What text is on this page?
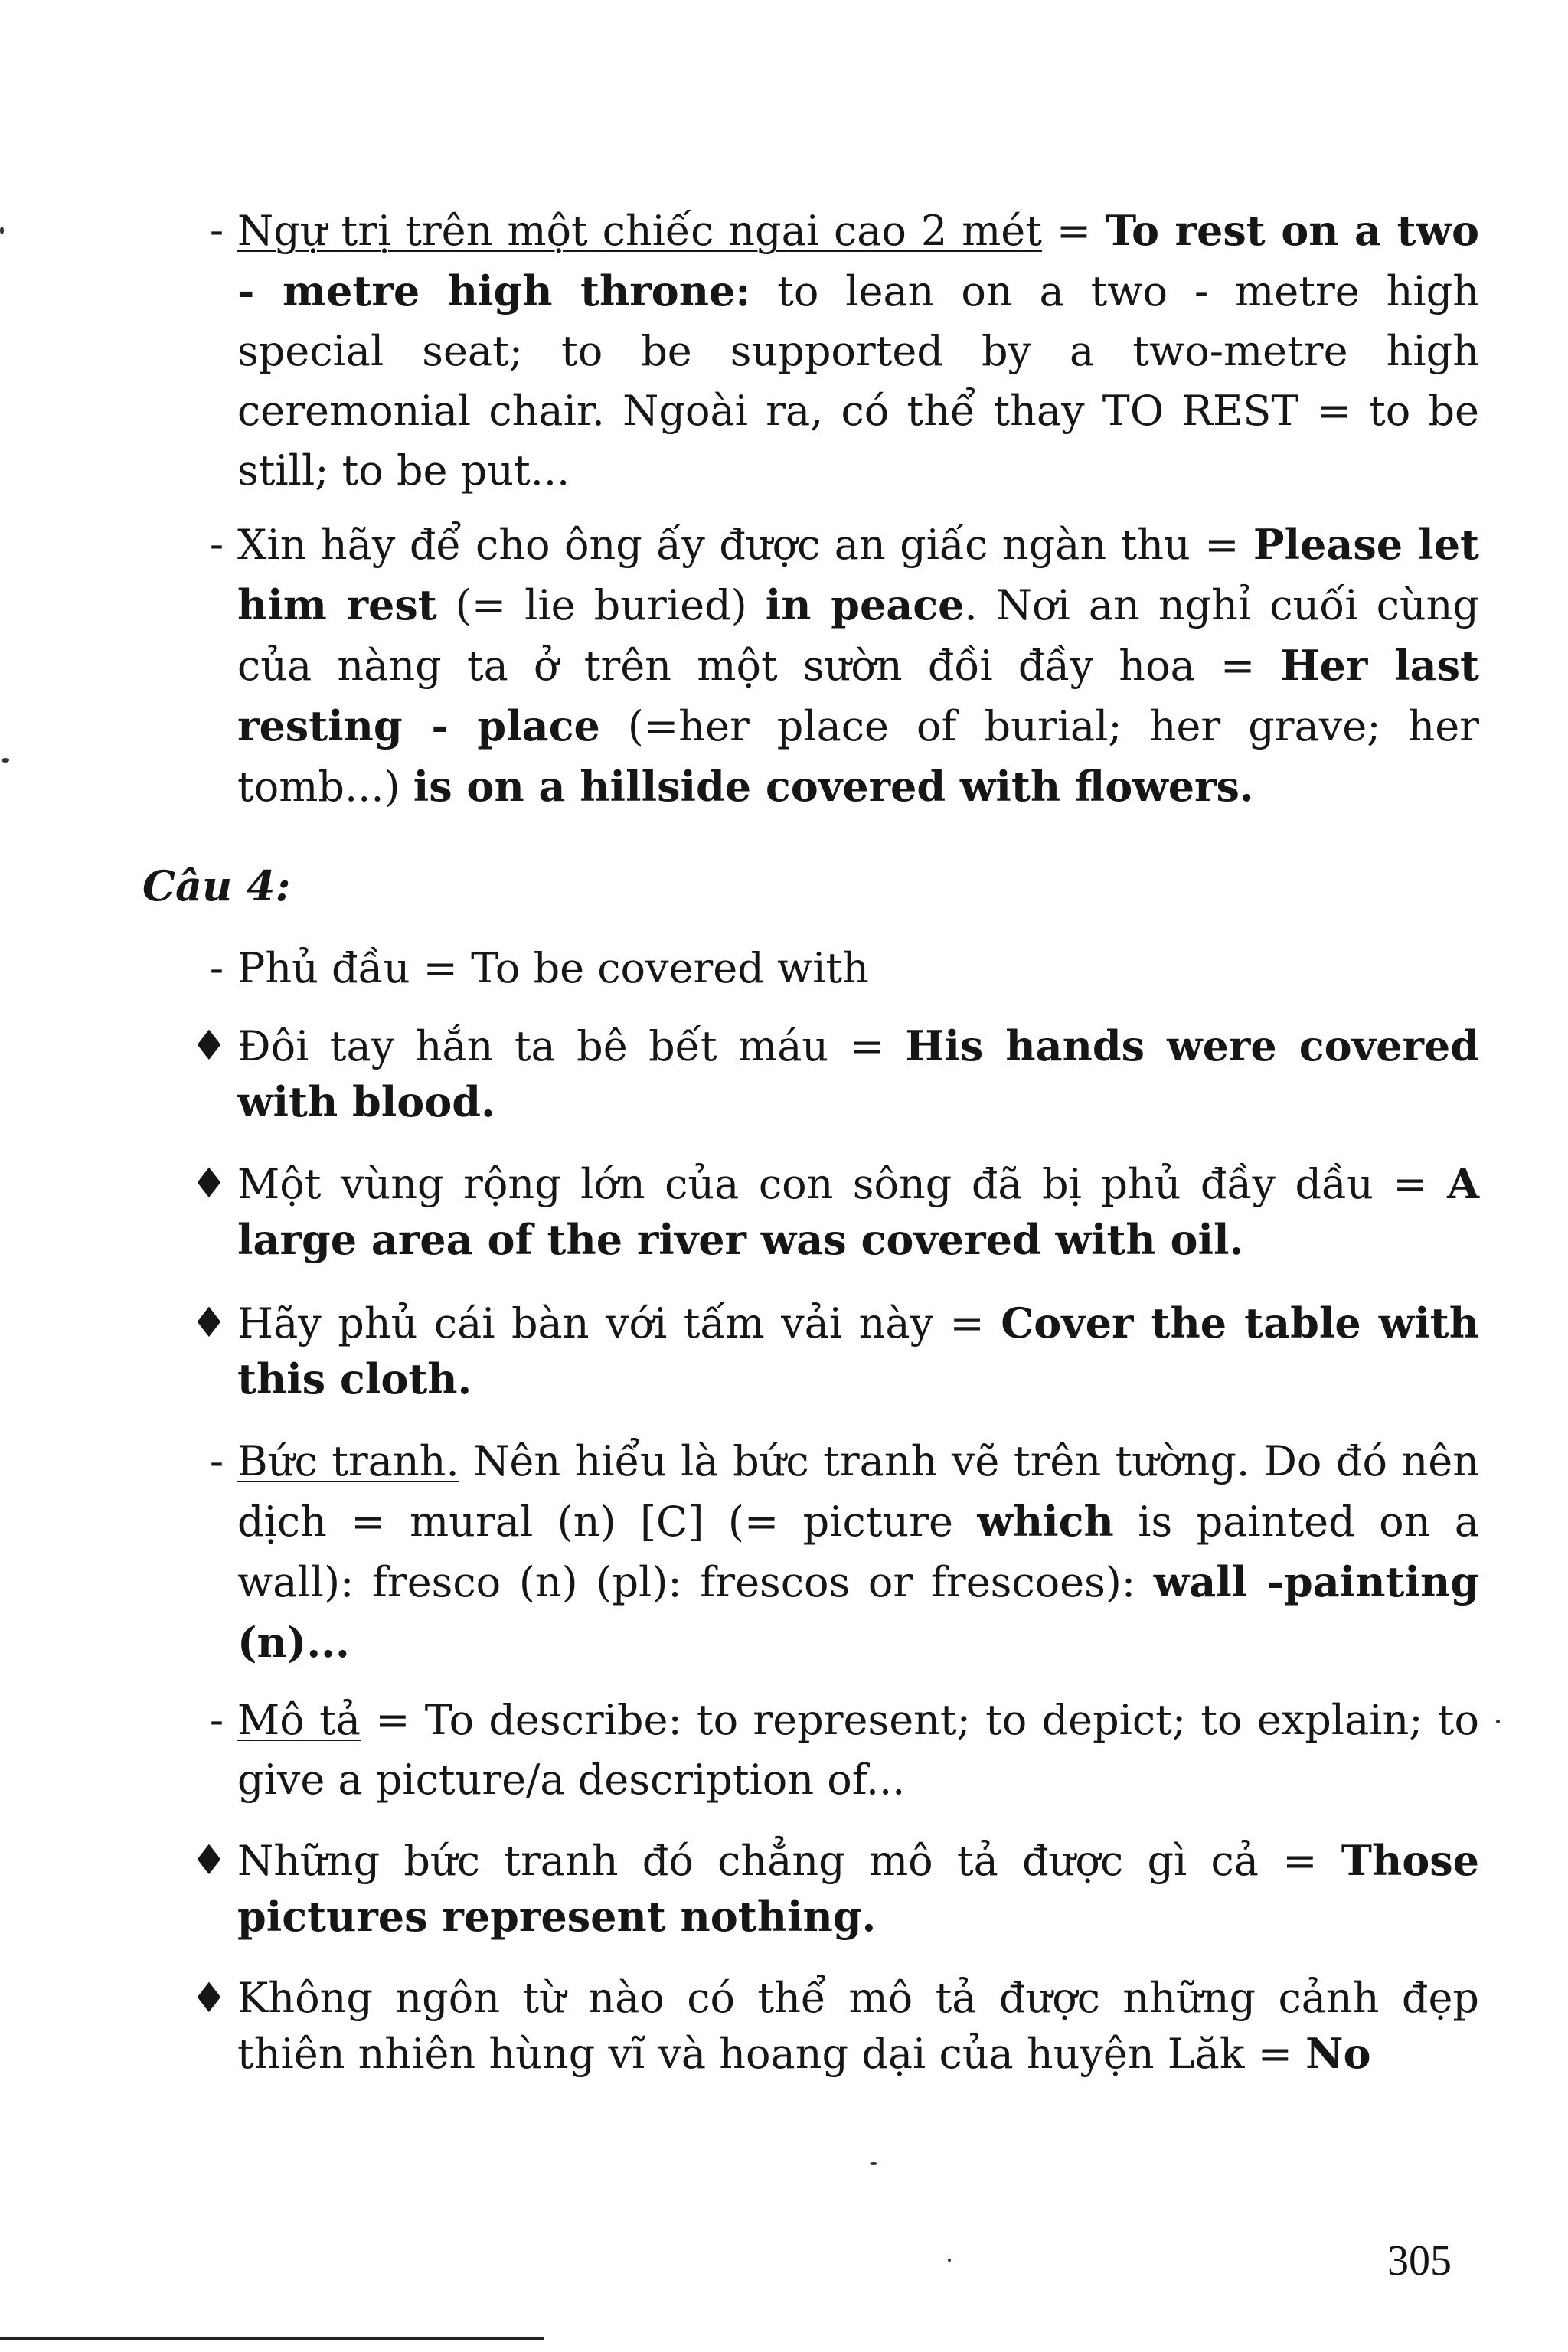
- Ngự trị trên một chiếc ngai cao 2 mét = To rest on a two - metre high throne: to lean on a two - metre high special seat; to be supported by a two-metre high ceremonial chair. Ngoài ra, có thể thay TO REST = to be still; to be put...
- Xin hãy để cho ông ấy được an giấc ngàn thu = Please let him rest (= lie buried) in peace. Nơi an nghỉ cuối cùng của nàng ta ở trên một sườn đồi đầy hoa = Her last resting - place (=her place of burial; her grave; her tomb...) is on a hillside covered with flowers.
Câu 4:
- Phủ đầu = To be covered with
♦ Đôi tay hắn ta bê bết máu = His hands were covered with blood.
♦ Một vùng rộng lớn của con sông đã bị phủ đầy dầu = A large area of the river was covered with oil.
♦ Hãy phủ cái bàn với tấm vải này = Cover the table with this cloth.
- Bức tranh. Nên hiểu là bức tranh vẽ trên tường. Do đó nên dịch = mural (n) [C] (= picture which is painted on a wall): fresco (n) (pl): frescos or frescoes): wall -painting (n)...
- Mô tả = To describe: to represent; to depict; to explain; to give a picture/a description of...
♦ Những bức tranh đó chẳng mô tả được gì cả = Those pictures represent nothing.
♦ Không ngôn từ nào có thể mô tả được những cảnh đẹp thiên nhiên hùng vĩ và hoang dại của huyện Lăk = No
305
